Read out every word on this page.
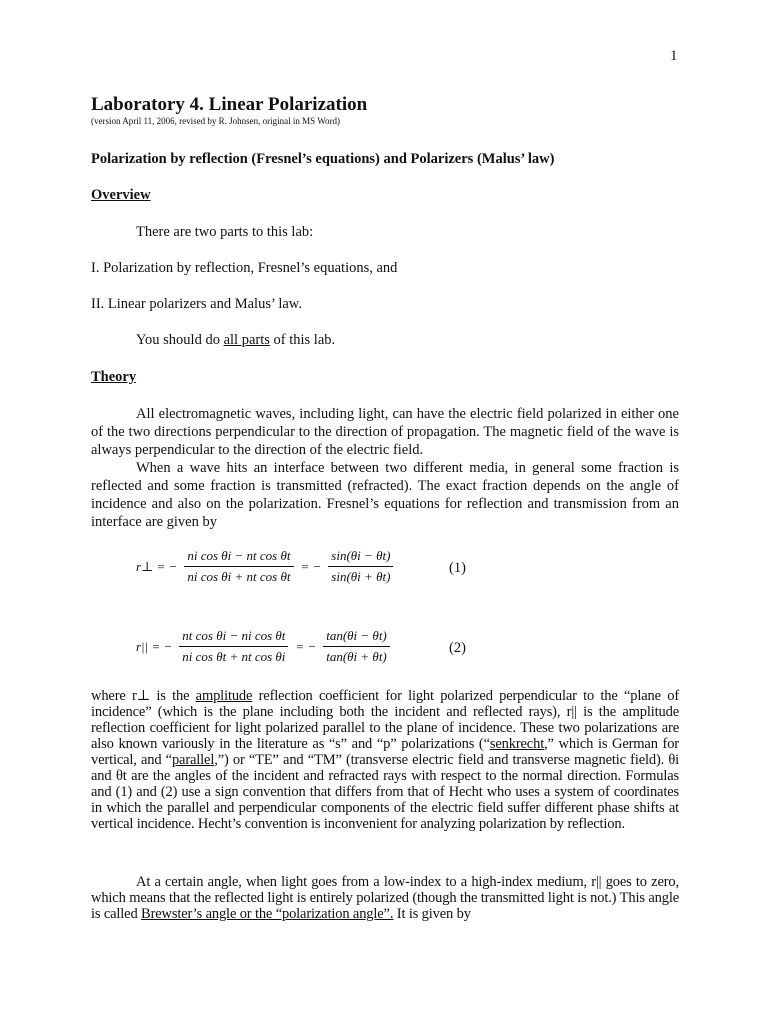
1
Laboratory 4. Linear Polarization
(version April 11, 2006, revised by R. Johnsen, original in MS Word)
Polarization by reflection (Fresnel’s equations) and Polarizers (Malus’ law)
Overview
There are two parts to this lab:
I. Polarization by reflection, Fresnel’s equations, and
II. Linear polarizers and Malus’ law.
You should do all parts of this lab.
Theory

All electromagnetic waves, including light, can have the electric field polarized in either one of the two directions perpendicular to the direction of propagation. The magnetic field of the wave is always perpendicular to the direction of the electric field.

When a wave hits an interface between two different media, in general some fraction is reflected and some fraction is transmitted (refracted). The exact fraction depends on the angle of incidence and also on the polarization. Fresnel’s equations for reflection and transmission from an interface are given by

r⊥ = − $\frac{\text{ni cos θi − nt cos θt}}{\text{ni cos θi + nt cos θt}}$ = − $\frac{\sin(\theta i - \theta t)}{\sin(\theta i + \theta t)}$	(1)
r|| = − $\frac{\text{nt cos θi − ni cos θt}}{\text{ni cos θt + nt cos θi}}$ = − $\frac{\tan(\theta i - \theta t)}{\tan(\theta i + \theta t)}$	(2)

where r⊥ is the amplitude reflection coefficient for light polarized perpendicular to the “plane of incidence” (which is the plane including both the incident and reflected rays), r|| is the amplitude reflection coefficient for light polarized parallel to the plane of incidence. These two polarizations are also known variously in the literature as “s” and “p” polarizations (“senkrecht,” which is German for vertical, and “parallel,”) or “TE” and “TM” (transverse electric field and transverse magnetic field). θi and θt are the angles of the incident and refracted rays with respect to the normal direction. Formulas and (1) and (2) use a sign convention that differs from that of Hecht who uses a system of coordinates in which the parallel and perpendicular components of the electric field suffer different phase shifts at vertical incidence. Hecht’s convention is inconvenient for analyzing polarization by reflection.

At a certain angle, when light goes from a low-index to a high-index medium, r|| goes to zero, which means that the reflected light is entirely polarized (though the transmitted light is not.) This angle is called Brewster’s angle or the “polarization angle”. It is given by
